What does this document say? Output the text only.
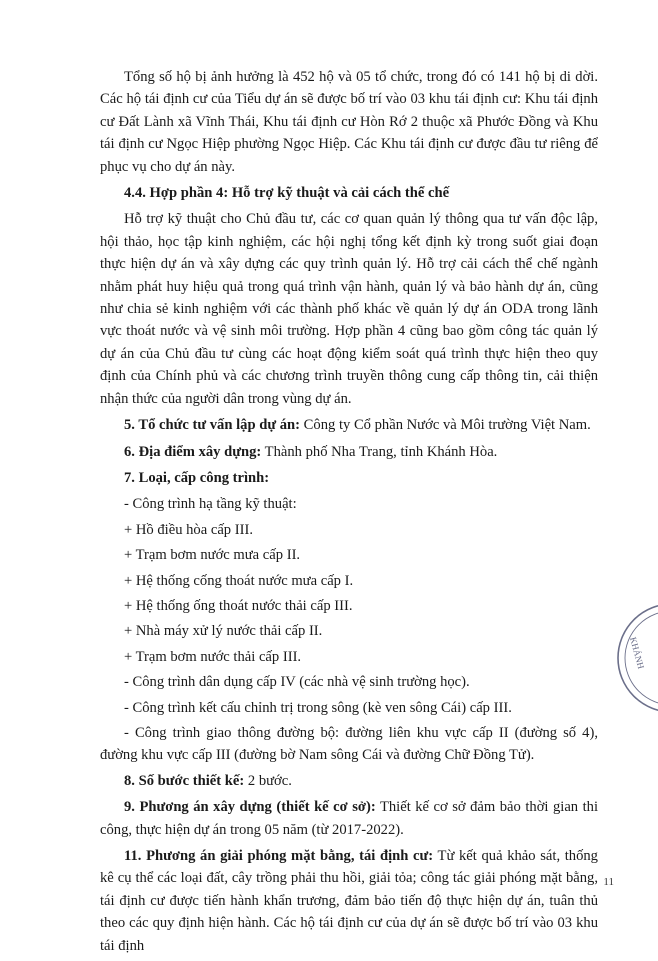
Tổng số hộ bị ảnh hưởng là 452 hộ và 05 tổ chức, trong đó có 141 hộ bị di dời. Các hộ tái định cư của Tiểu dự án sẽ được bố trí vào 03 khu tái định cư: Khu tái định cư Đất Lành xã Vĩnh Thái, Khu tái định cư Hòn Rớ 2 thuộc xã Phước Đồng và Khu tái định cư Ngọc Hiệp phường Ngọc Hiệp. Các Khu tái định cư được đầu tư riêng để phục vụ cho dự án này.

4.4. Hợp phần 4: Hỗ trợ kỹ thuật và cải cách thể chế

Hỗ trợ kỹ thuật cho Chủ đầu tư, các cơ quan quản lý thông qua tư vấn độc lập, hội thảo, học tập kinh nghiệm, các hội nghị tổng kết định kỳ trong suốt giai đoạn thực hiện dự án và xây dựng các quy trình quản lý. Hỗ trợ cải cách thể chế ngành nhằm phát huy hiệu quả trong quá trình vận hành, quản lý và bảo hành dự án, cũng như chia sẻ kinh nghiệm với các thành phố khác về quản lý dự án ODA trong lãnh vực thoát nước và vệ sinh môi trường. Hợp phần 4 cũng bao gồm công tác quản lý dự án của Chủ đầu tư cùng các hoạt động kiểm soát quá trình thực hiện theo quy định của Chính phủ và các chương trình truyền thông cung cấp thông tin, cải thiện nhận thức của người dân trong vùng dự án.

5. Tổ chức tư vấn lập dự án: Công ty Cổ phần Nước và Môi trường Việt Nam.

6. Địa điểm xây dựng: Thành phố Nha Trang, tỉnh Khánh Hòa.

7. Loại, cấp công trình:

- Công trình hạ tầng kỹ thuật:

+ Hồ điều hòa cấp III.

+ Trạm bơm nước mưa cấp II.

+ Hệ thống cống thoát nước mưa cấp I.

+ Hệ thống ống thoát nước thải cấp III.

+ Nhà máy xử lý nước thải cấp II.

+ Trạm bơm nước thải cấp III.

- Công trình dân dụng cấp IV (các nhà vệ sinh trường học).

- Công trình kết cấu chỉnh trị trong sông (kè ven sông Cái) cấp III.

- Công trình giao thông đường bộ: đường liên khu vực cấp II (đường số 4), đường khu vực cấp III (đường bờ Nam sông Cái và đường Chữ Đồng Tử).

8. Số bước thiết kế: 2 bước.

9. Phương án xây dựng (thiết kế cơ sở): Thiết kế cơ sở đảm bảo thời gian thi công, thực hiện dự án trong 05 năm (từ 2017-2022).

11. Phương án giải phóng mặt bằng, tái định cư: Từ kết quả khảo sát, thống kê cụ thể các loại đất, cây trồng phải thu hồi, giải tỏa; công tác giải phóng mặt bằng, tái định cư được tiến hành khẩn trương, đảm bảo tiến độ thực hiện dự án, tuân thủ theo các quy định hiện hành. Các hộ tái định cư của dự án sẽ được bố trí vào 03 khu tái định

KHÁNH
11
